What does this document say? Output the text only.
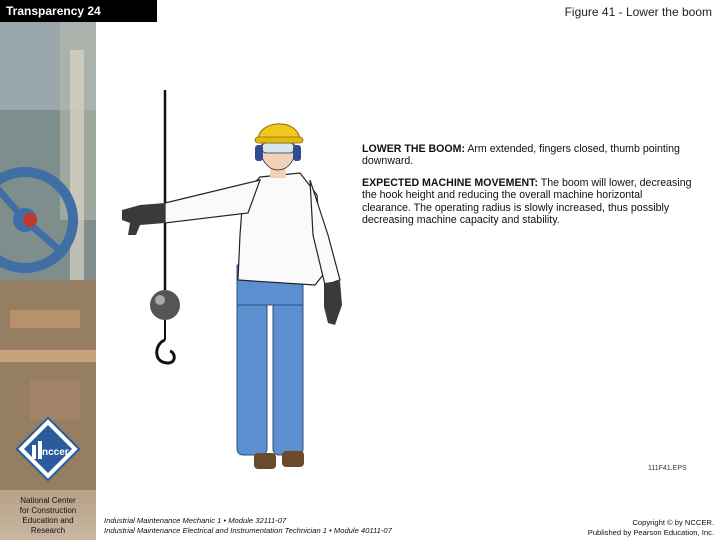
Transparency 24	Figure 41 - Lower the boom

LOWER THE BOOM: Arm extended, fingers closed, thumb pointing downward.

EXPECTED MACHINE MOVEMENT: The boom will lower, decreasing the hook height and reducing the overall machine horizontal clearance. The operating radius is slowly increased, thus possibly decreasing machine capacity and stability.

111F41.EPS
nccer
National Center
for Construction
Education and
Research
Industrial Maintenance Mechanic 1 • Module 32111-07
Industrial Maintenance Electrical and Instrumentation Technician 1 • Module 40111-07
Copyright © by NCCER.
Published by Pearson Education, Inc.
